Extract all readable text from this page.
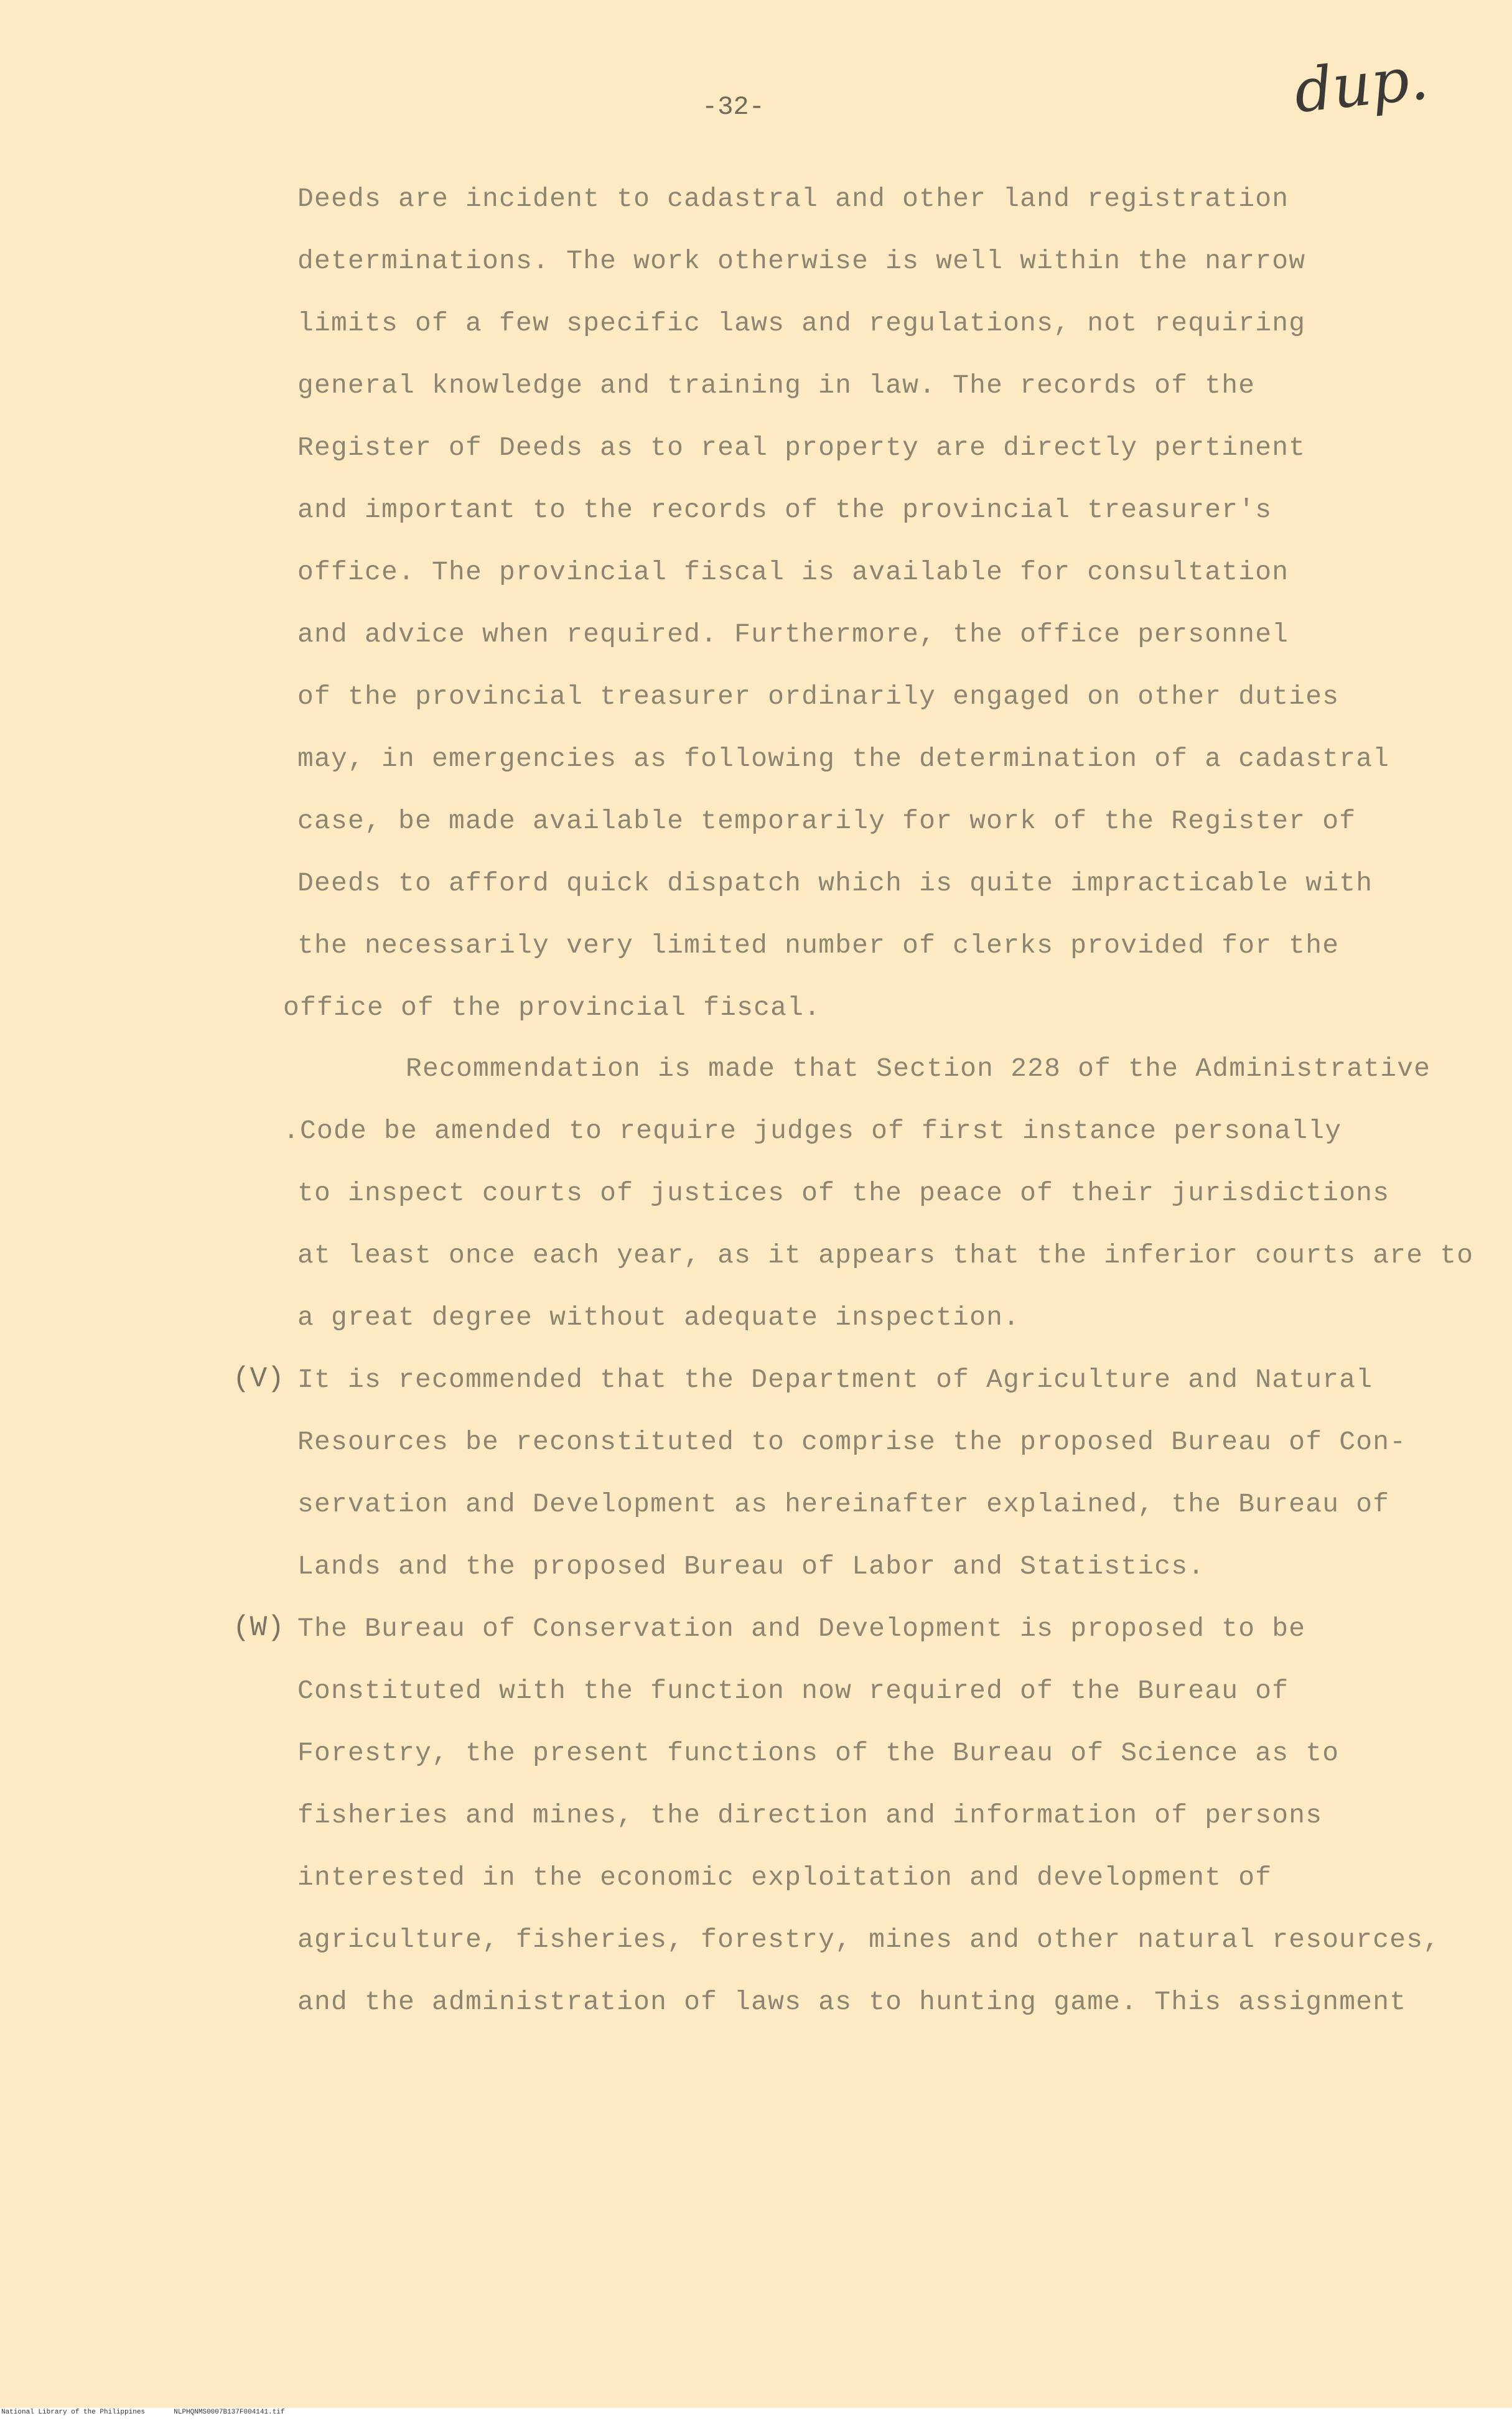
-32-	dup.
Deeds are incident to cadastral and other land registration
determinations. The work otherwise is well within the narrow
limits of a few specific laws and regulations, not requiring
general knowledge and training in law. The records of the
Register of Deeds as to real property are directly pertinent
and important to the records of the provincial treasurer's
office. The provincial fiscal is available for consultation
and advice when required. Furthermore, the office personnel
of the provincial treasurer ordinarily engaged on other duties
may, in emergencies as following the determination of a cadastral
case, be made available temporarily for work of the Register of
Deeds to afford quick dispatch which is quite impracticable with
the necessarily very limited number of clerks provided for the
office of the provincial fiscal.
Recommendation is made that Section 228 of the Administrative
.Code be amended to require judges of first instance personally
to inspect courts of justices of the peace of their jurisdictions
at least once each year, as it appears that the inferior courts are to
a great degree without adequate inspection.
(V) It is recommended that the Department of Agriculture and Natural
Resources be reconstituted to comprise the proposed Bureau of Con-
servation and Development as hereinafter explained, the Bureau of
Lands and the proposed Bureau of Labor and Statistics.
(W) The Bureau of Conservation and Development is proposed to be
Constituted with the function now required of the Bureau of
Forestry, the present functions of the Bureau of Science as to
fisheries and mines, the direction and information of persons
interested in the economic exploitation and development of
agriculture, fisheries, forestry, mines and other natural resources,
and the administration of laws as to hunting game. This assignment
National Library of the Philippines	NLPHQNMS0007B137F004141.tif
